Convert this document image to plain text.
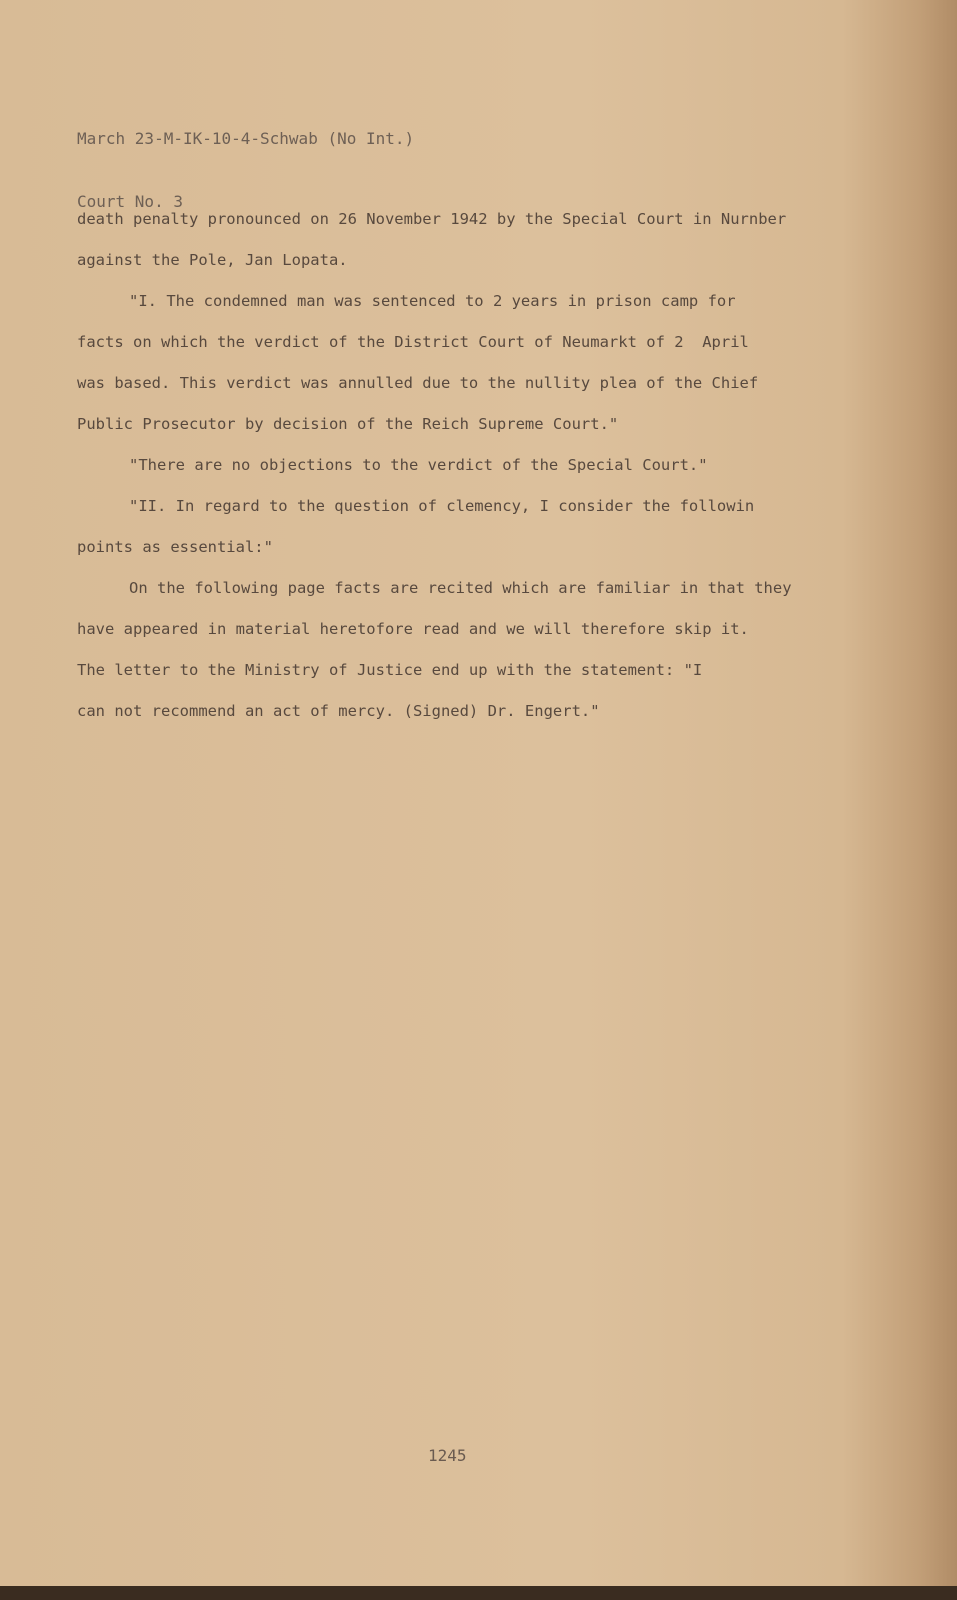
March 23-M-IK-10-4-Schwab (No Int.)

Court No. 3

death penalty pronounced on 26 November 1942 by the Special Court in Nurnber
against the Pole, Jan Lopata.
"I. The condemned man was sentenced to 2 years in prison camp for
facts on which the verdict of the District Court of Neumarkt of 2  April
was based. This verdict was annulled due to the nullity plea of the Chief
Public Prosecutor by decision of the Reich Supreme Court."
"There are no objections to the verdict of the Special Court."
"II. In regard to the question of clemency, I consider the followin
points as essential:"
On the following page facts are recited which are familiar in that they
have appeared in material heretofore read and we will therefore skip it.
The letter to the Ministry of Justice end up with the statement: "I
can not recommend an act of mercy. (Signed) Dr. Engert."
1245
